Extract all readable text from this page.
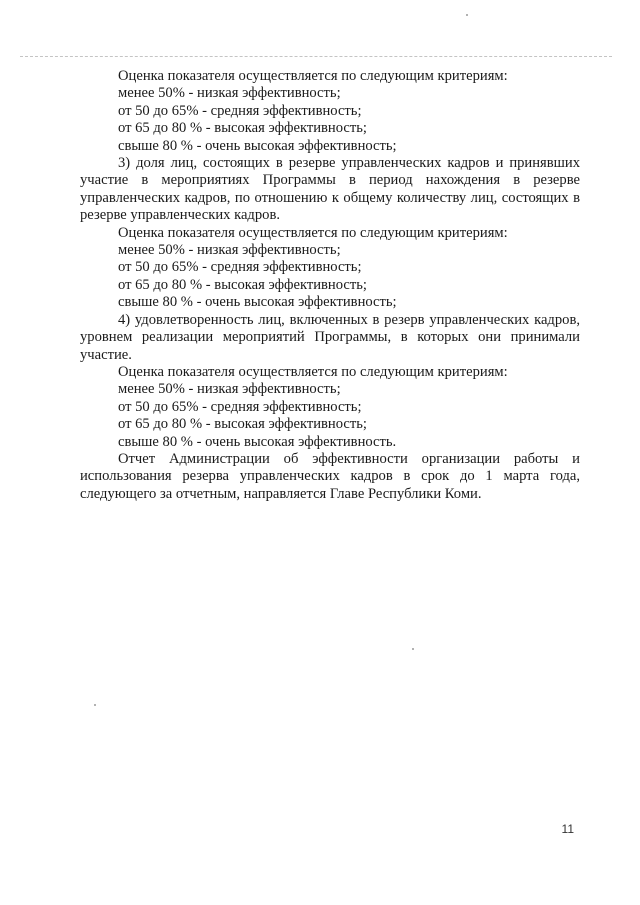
Оценка показателя осуществляется по следующим критериям:

менее 50% - низкая эффективность;

от 50 до 65% - средняя эффективность;

от 65 до 80 % - высокая эффективность;

свыше 80 % - очень высокая эффективность;

3) доля лиц, состоящих в резерве управленческих кадров и принявших участие в мероприятиях Программы в период нахождения в резерве управленческих кадров, по отношению к общему количеству лиц, состоящих в резерве управленческих кадров.

Оценка показателя осуществляется по следующим критериям:

менее 50% - низкая эффективность;

от 50 до 65% - средняя эффективность;

от 65 до 80 % - высокая эффективность;

свыше 80 % - очень высокая эффективность;

4) удовлетворенность лиц, включенных в резерв управленческих кадров, уровнем реализации мероприятий Программы, в которых они принимали участие.

Оценка показателя осуществляется по следующим критериям:

менее 50% - низкая эффективность;

от 50 до 65% - средняя эффективность;

от 65 до 80 % - высокая эффективность;

свыше 80 % - очень высокая эффективность.

Отчет Администрации об эффективности организации работы и использования резерва управленческих кадров в срок до 1 марта года, следующего за отчетным, направляется Главе Республики Коми.

11
